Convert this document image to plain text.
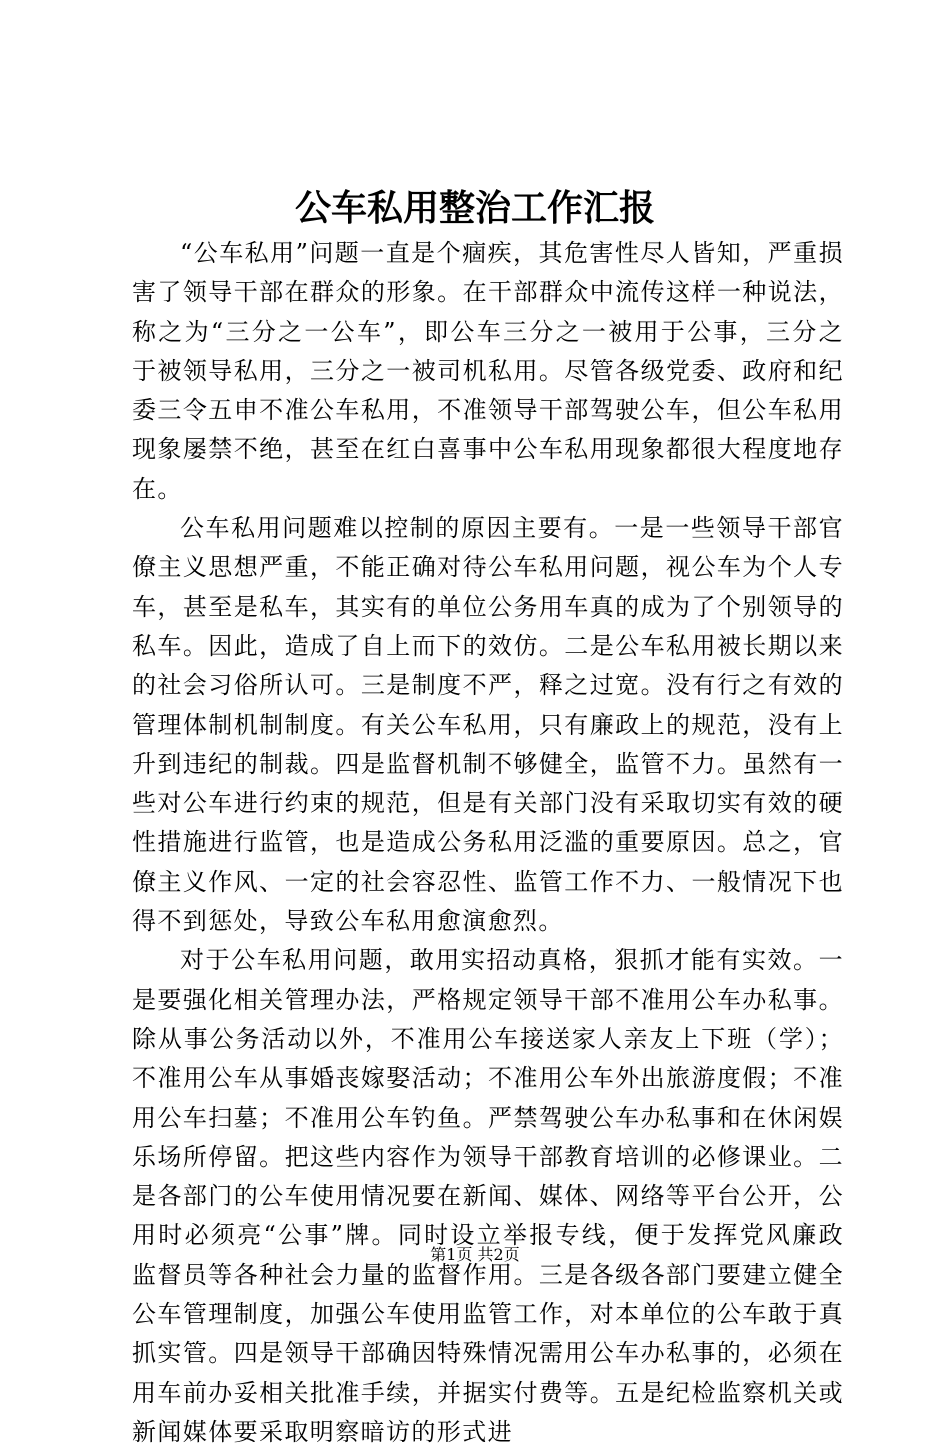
公车私用整治工作汇报

“公车私用”问题一直是个痼疾，其危害性尽人皆知，严重损害了领导干部在群众的形象。在干部群众中流传这样一种说法，称之为“三分之一公车”，即公车三分之一被用于公事，三分之于被领导私用，三分之一被司机私用。尽管各级党委、政府和纪委三令五申不准公车私用，不准领导干部驾驶公车，但公车私用现象屡禁不绝，甚至在红白喜事中公车私用现象都很大程度地存在。

公车私用问题难以控制的原因主要有。一是一些领导干部官僚主义思想严重，不能正确对待公车私用问题，视公车为个人专车，甚至是私车，其实有的单位公务用车真的成为了个别领导的私车。因此，造成了自上而下的效仿。二是公车私用被长期以来的社会习俗所认可。三是制度不严，释之过宽。没有行之有效的管理体制机制制度。有关公车私用，只有廉政上的规范，没有上升到违纪的制裁。四是监督机制不够健全，监管不力。虽然有一些对公车进行约束的规范，但是有关部门没有采取切实有效的硬性措施进行监管，也是造成公务私用泛滥的重要原因。总之，官僚主义作风、一定的社会容忍性、监管工作不力、一般情况下也得不到惩处，导致公车私用愈演愈烈。

对于公车私用问题，敢用实招动真格，狠抓才能有实效。一是要强化相关管理办法，严格规定领导干部不准用公车办私事。除从事公务活动以外，不准用公车接送家人亲友上下班（学）；不准用公车从事婚丧嫁娶活动；不准用公车外出旅游度假；不准用公车扫墓；不准用公车钓鱼。严禁驾驶公车办私事和在休闲娱乐场所停留。把这些内容作为领导干部教育培训的必修课业。二是各部门的公车使用情况要在新闻、媒体、网络等平台公开，公用时必须亮“公事”牌。同时设立举报专线，便于发挥党风廉政监督员等各种社会力量的监督作用。三是各级各部门要建立健全公车管理制度，加强公车使用监管工作，对本单位的公车敢于真抓实管。四是领导干部确因特殊情况需用公车办私事的，必须在用车前办妥相关批准手续，并据实付费等。五是纪检监察机关或新闻媒体要采取明察暗访的形式进

第1页 共2页
